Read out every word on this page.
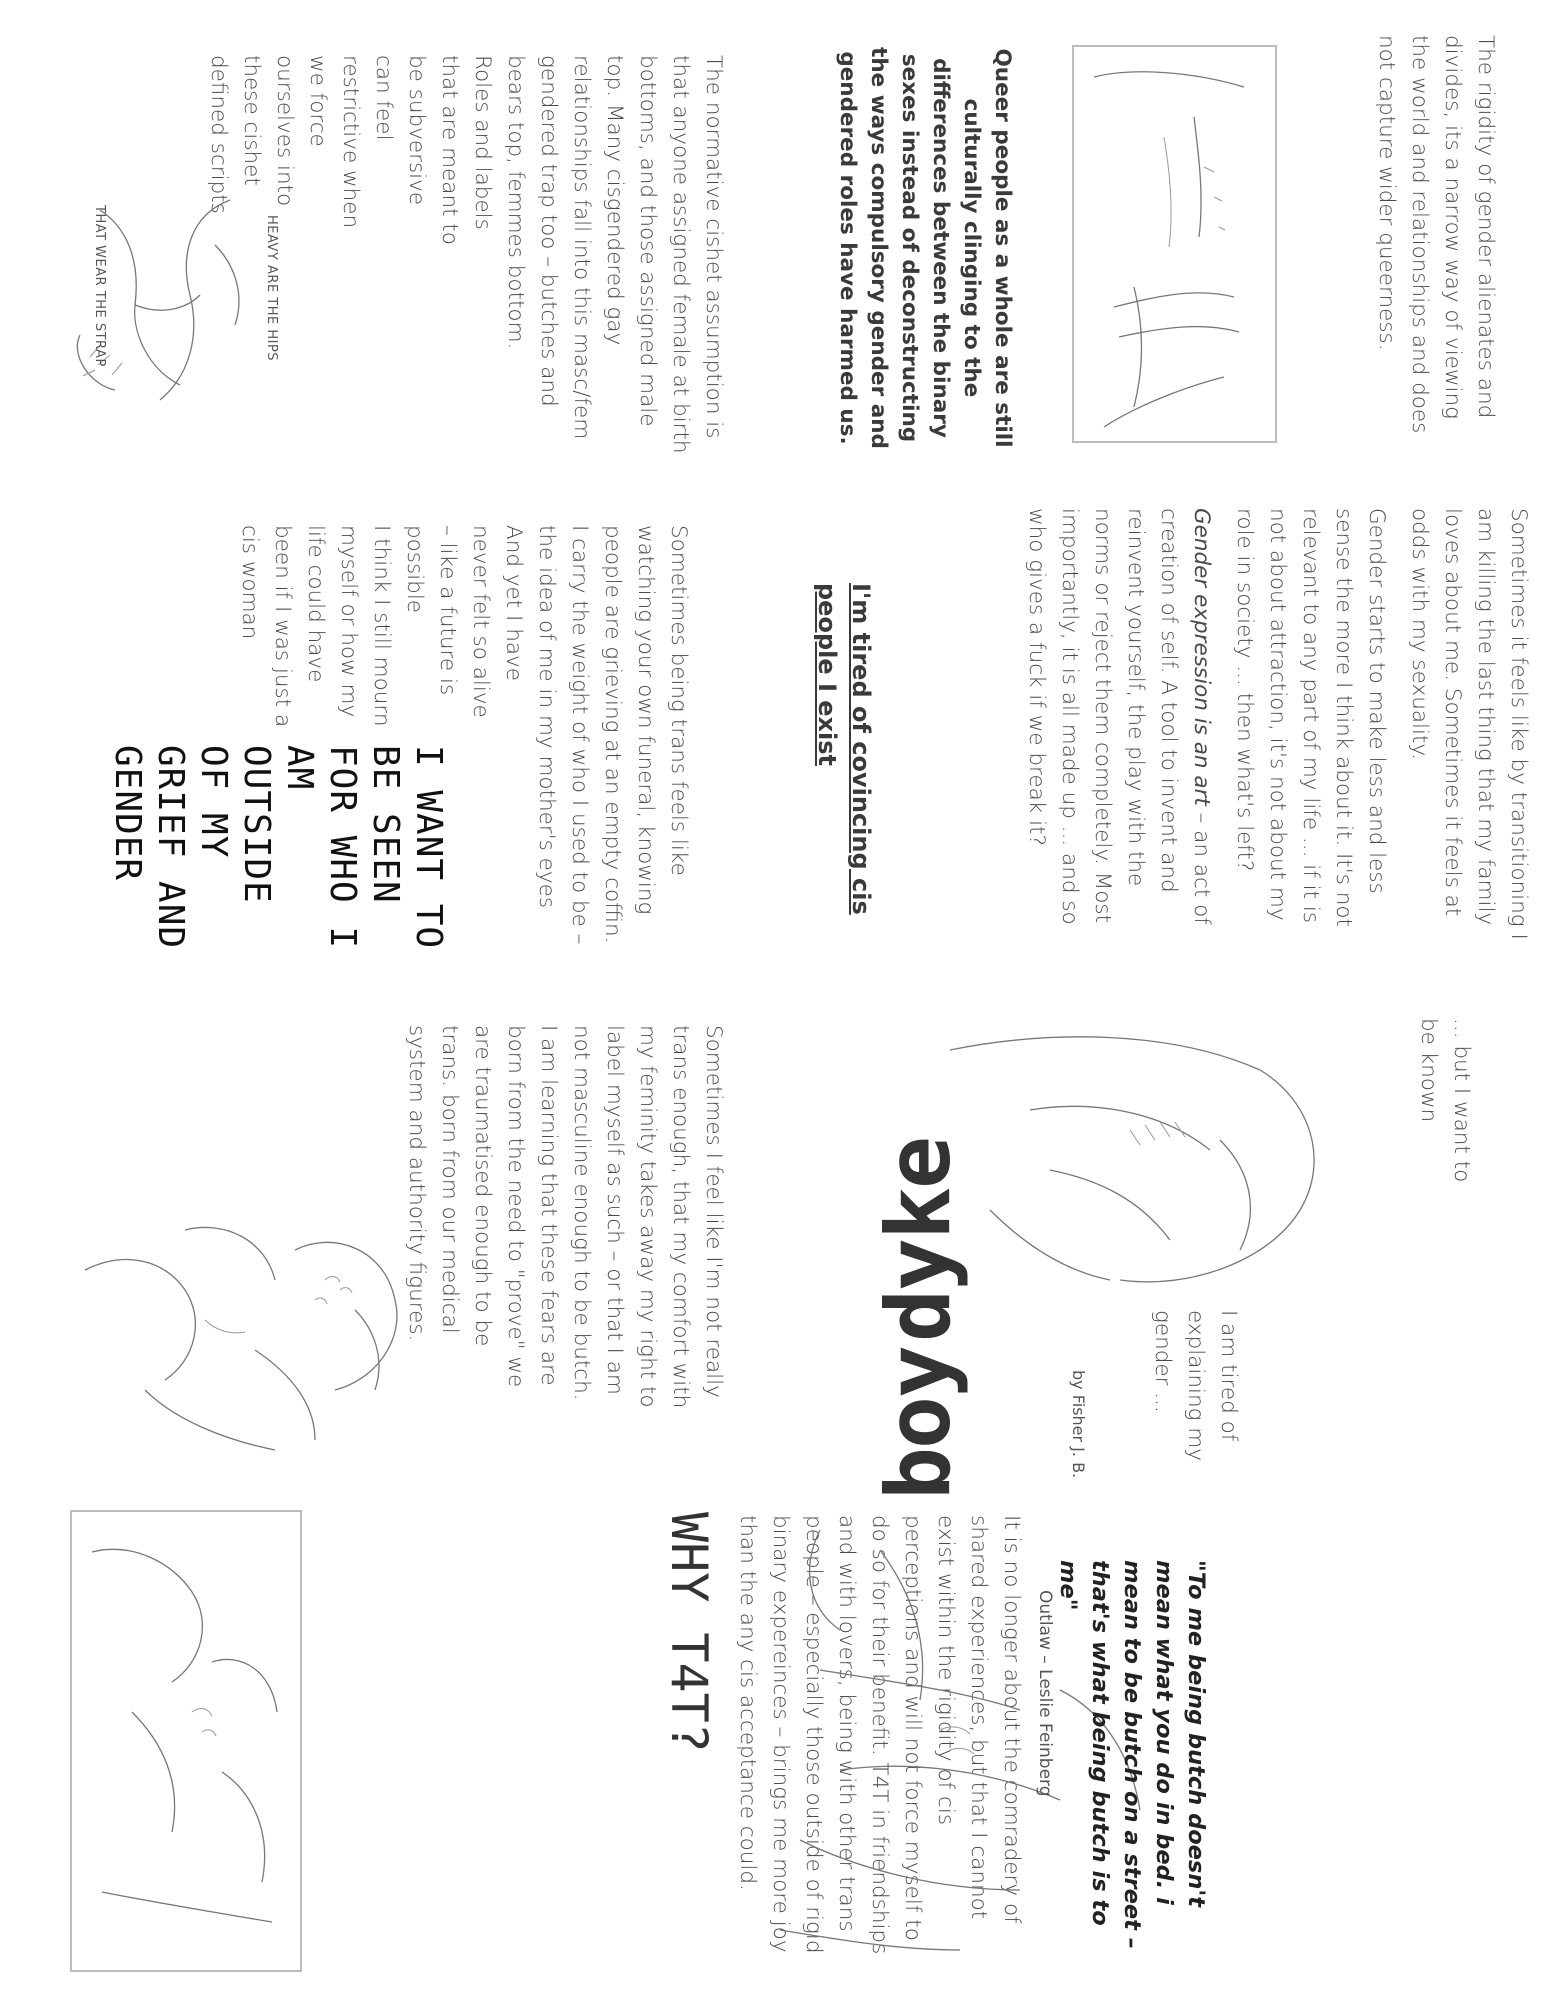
The normative cishet assumption is that anyone assigned female at birth bottoms, and those assigned male top. Many cisgendered gay relationships fall into this masc/fem gendered trap too – butches and bears top, femmes bottom.

Roles and labels that are meant to be subversive can feel restrictive when we force ourselves into these cishet defined scripts

HEAVY ARE THE HIPS
THAT WEAR THE STRAP	Queer people as a whole are still culturally clinging to the differences between the binary sexes instead of deconstructing the ways compulsory gender and gendered roles have harmed us.	The rigidity of gender alienates and divides, its a narrow way of viewing the world and relationships and does not capture wider queerness.

Sometimes being trans feels like watching your own funeral, knowing people are grieving at an empty coffin.

I carry the weight of who I used to be – the idea of me in my mother's eyes

And yet I have never felt so alive – like a future is possible

I think I still mourn myself or how my life could have been if I was just a cis woman

I WANT TO BE SEEN FOR WHO I AM OUTSIDE OF MY GRIEF AND GENDER	I'm tired of covincing cis people I exist	Sometimes it feels like by transitioning I am killing the last thing that my family loves about me. Sometimes it feels at odds with my sexuality.

Gender starts to make less and less sense the more I think about it. It's not relevant to any part of my life ... if it is not about attraction, it's not about my role in society ... then what's left?

Gender expression is an art – an act of creation of self. A tool to invent and reinvent yourself, the play with the norms or reject them completely. Most importantly, it is all made up ... and so who gives a fuck if we break it?

Sometimes I feel like I'm not really trans enough, that my comfort with my feminity takes away my right to label myself as such – or that I am not masculine enough to be butch. I am learning that these fears are born from the need to "prove" we are traumatised enough to be trans. born from our medical system and authority figures.
boy dyke
by Fisher J. B.	I am tired of explaining my gender ...
... but I want to be known
WHY T4T?	It is no longer about the comradery of shared experiences, but that I cannot exist within the rigidity of cis perceptions and will not force myself to do so for their benefit. T4T in friendships and with lovers, being with other trans people – especially those outside of rigid binary expereinces – brings me more joy than the any cis acceptance could.	"To me being butch doesn't mean what you do in bed. i mean to be butch on a street – that's what being butch is to me"
Outlaw – Leslie Feinberg
